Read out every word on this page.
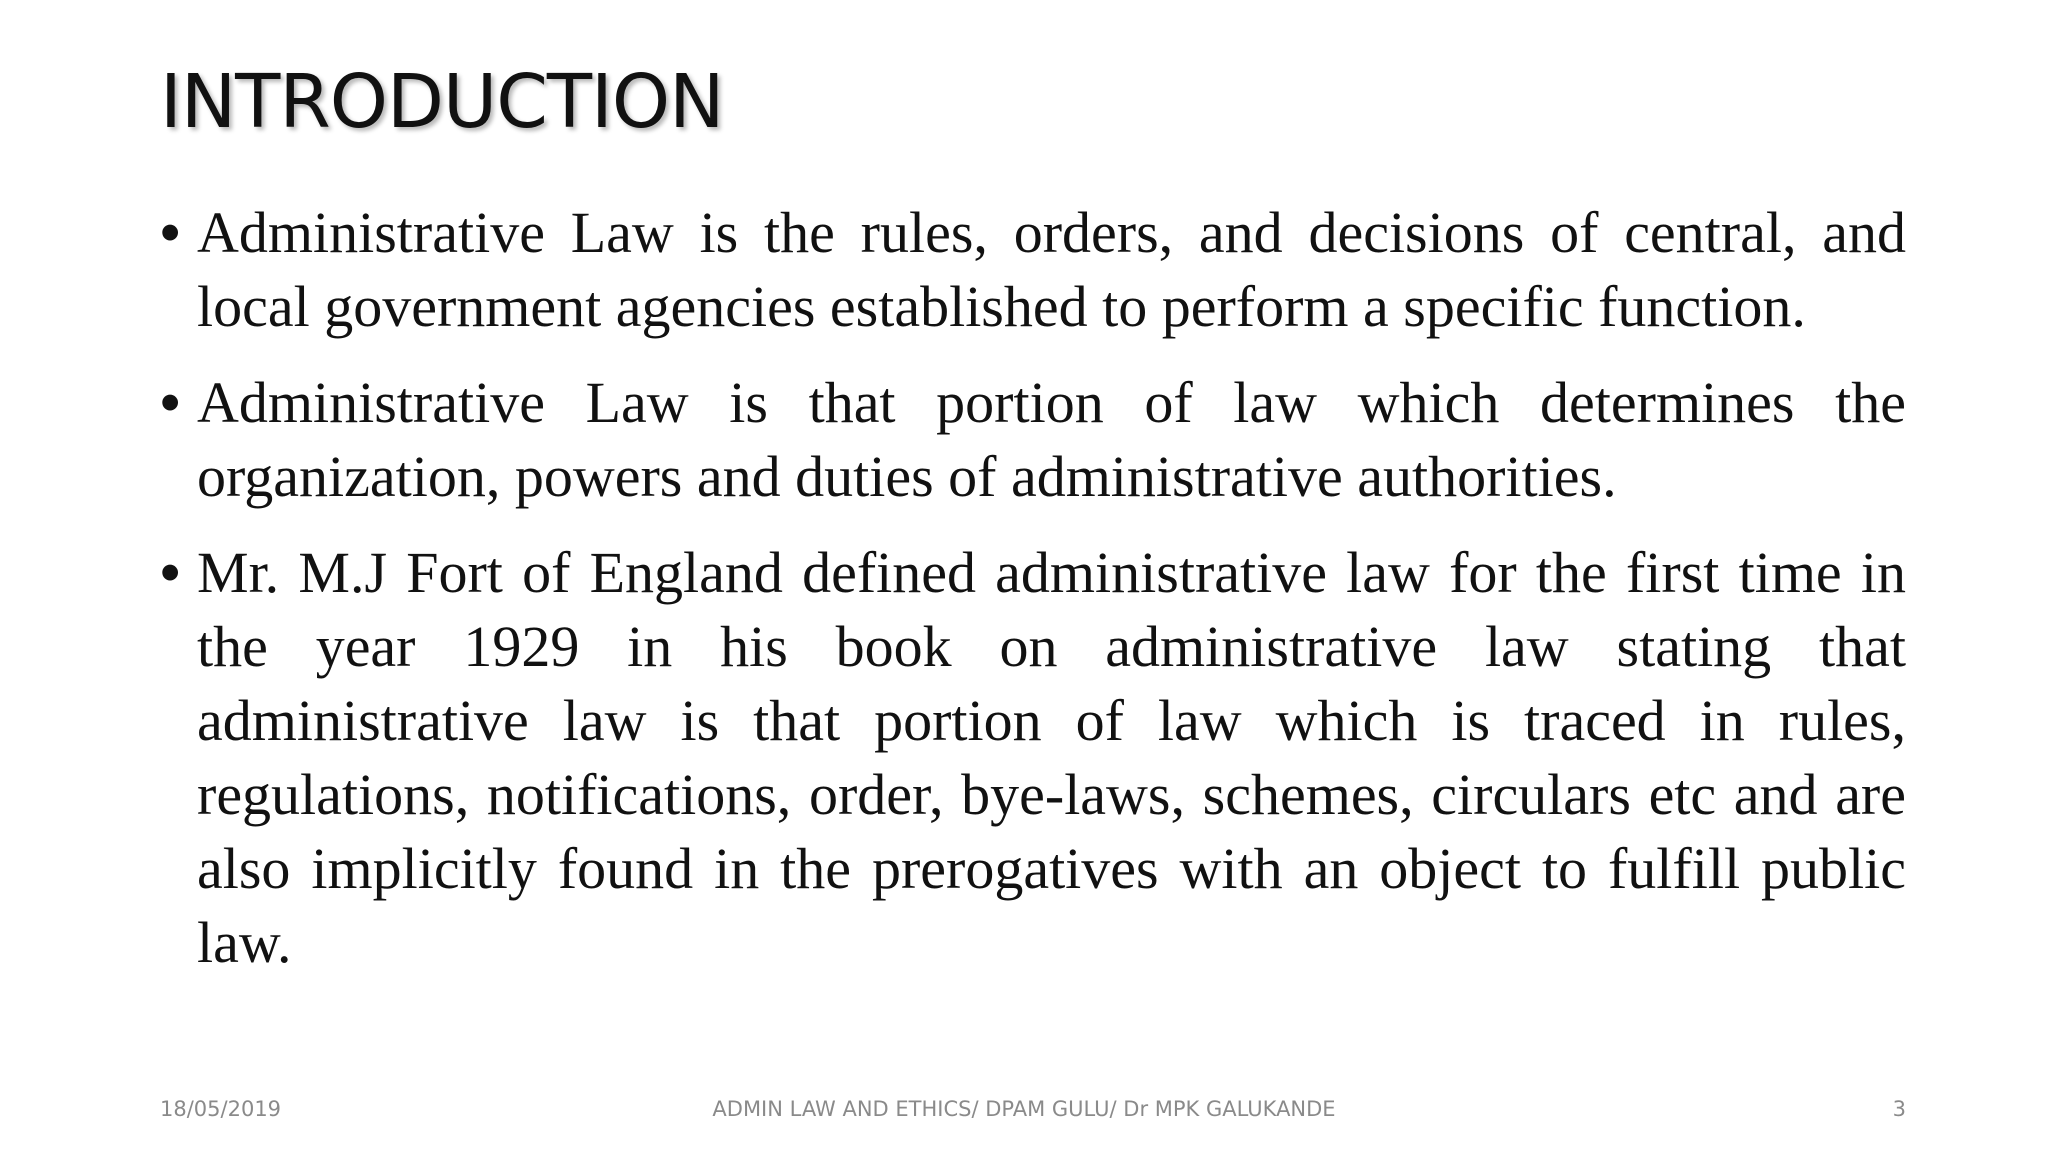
INTRODUCTION
• Administrative Law is the rules, orders, and decisions of central, and local government agencies established to perform a specific function.
• Administrative Law is that portion of law which determines the organization, powers and duties of administrative authorities.
• Mr. M.J Fort of England defined administrative law for the first time in the year 1929 in his book on administrative law stating that administrative law is that portion of law which is traced in rules, regulations, notifications, order, bye-laws, schemes, circulars etc and are also implicitly found in the prerogatives with an object to fulfill public law.
18/05/2019	ADMIN LAW AND ETHICS/ DPAM GULU/ Dr MPK GALUKANDE	3
